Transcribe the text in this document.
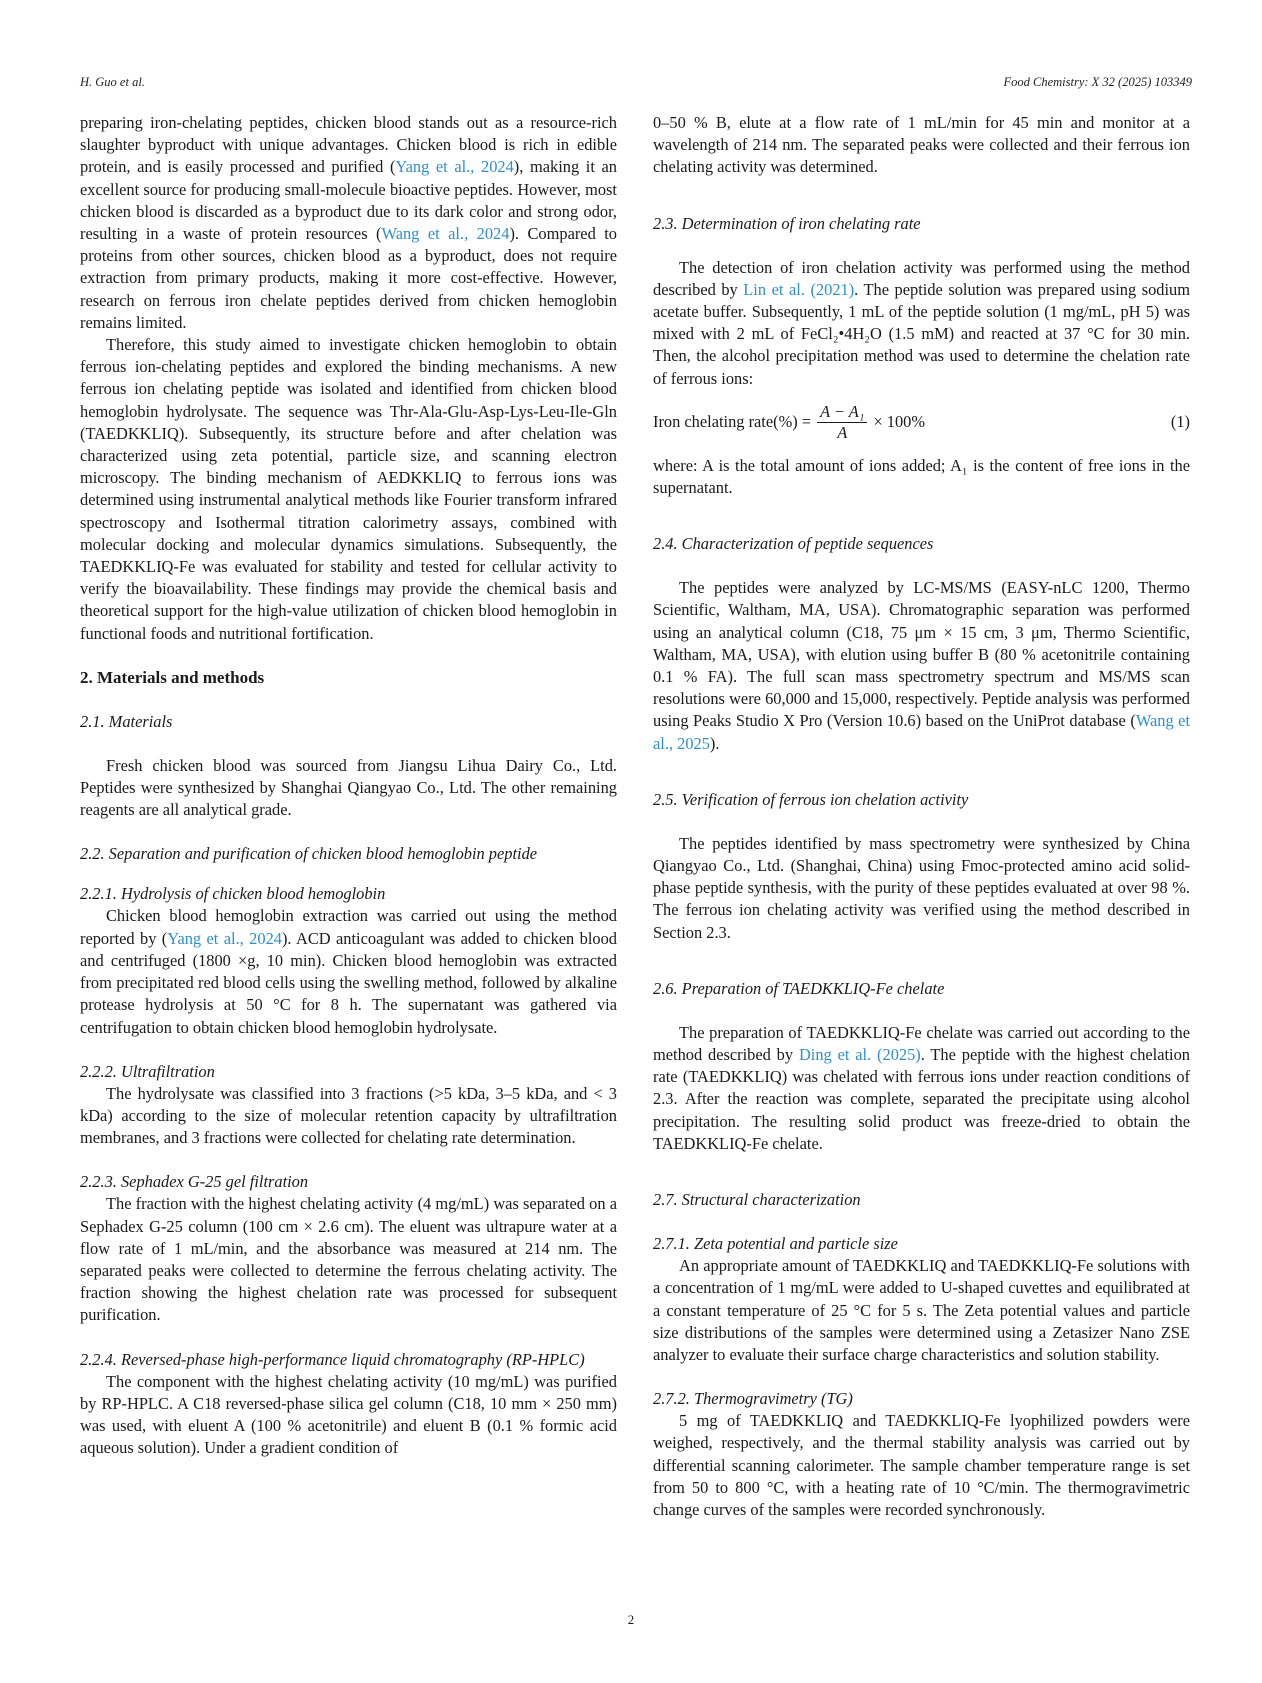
H. Guo et al.	Food Chemistry: X 32 (2025) 103349

preparing iron-chelating peptides, chicken blood stands out as a resource-rich slaughter byproduct with unique advantages. Chicken blood is rich in edible protein, and is easily processed and purified (Yang et al., 2024), making it an excellent source for producing small-molecule bioactive peptides. However, most chicken blood is discarded as a byproduct due to its dark color and strong odor, resulting in a waste of protein resources (Wang et al., 2024). Compared to proteins from other sources, chicken blood as a byproduct, does not require extraction from primary products, making it more cost-effective. However, research on ferrous iron chelate peptides derived from chicken hemoglobin remains limited.

Therefore, this study aimed to investigate chicken hemoglobin to obtain ferrous ion-chelating peptides and explored the binding mechanisms. A new ferrous ion chelating peptide was isolated and identified from chicken blood hemoglobin hydrolysate. The sequence was Thr-Ala-Glu-Asp-Lys-Leu-Ile-Gln (TAEDKKLIQ). Subsequently, its structure before and after chelation was characterized using zeta potential, particle size, and scanning electron microscopy. The binding mechanism of AEDKKLIQ to ferrous ions was determined using instrumental analytical methods like Fourier transform infrared spectroscopy and Isothermal titration calorimetry assays, combined with molecular docking and molecular dynamics simulations. Subsequently, the TAEDKKLIQ-Fe was evaluated for stability and tested for cellular activity to verify the bioavailability. These findings may provide the chemical basis and theoretical support for the high-value utilization of chicken blood hemoglobin in functional foods and nutritional fortification.

2. Materials and methods
2.1. Materials

Fresh chicken blood was sourced from Jiangsu Lihua Dairy Co., Ltd. Peptides were synthesized by Shanghai Qiangyao Co., Ltd. The other remaining reagents are all analytical grade.

2.2. Separation and purification of chicken blood hemoglobin peptide
2.2.1. Hydrolysis of chicken blood hemoglobin

Chicken blood hemoglobin extraction was carried out using the method reported by (Yang et al., 2024). ACD anticoagulant was added to chicken blood and centrifuged (1800 ×g, 10 min). Chicken blood hemoglobin was extracted from precipitated red blood cells using the swelling method, followed by alkaline protease hydrolysis at 50 °C for 8 h. The supernatant was gathered via centrifugation to obtain chicken blood hemoglobin hydrolysate.

2.2.2. Ultrafiltration

The hydrolysate was classified into 3 fractions (>5 kDa, 3–5 kDa, and < 3 kDa) according to the size of molecular retention capacity by ultrafiltration membranes, and 3 fractions were collected for chelating rate determination.

2.2.3. Sephadex G-25 gel filtration

The fraction with the highest chelating activity (4 mg/mL) was separated on a Sephadex G-25 column (100 cm × 2.6 cm). The eluent was ultrapure water at a flow rate of 1 mL/min, and the absorbance was measured at 214 nm. The separated peaks were collected to determine the ferrous chelating activity. The fraction showing the highest chelation rate was processed for subsequent purification.

2.2.4. Reversed-phase high-performance liquid chromatography (RP-HPLC)

The component with the highest chelating activity (10 mg/mL) was purified by RP-HPLC. A C18 reversed-phase silica gel column (C18, 10 mm × 250 mm) was used, with eluent A (100 % acetonitrile) and eluent B (0.1 % formic acid aqueous solution). Under a gradient condition of

0–50 % B, elute at a flow rate of 1 mL/min for 45 min and monitor at a wavelength of 214 nm. The separated peaks were collected and their ferrous ion chelating activity was determined.

2.3. Determination of iron chelating rate

The detection of iron chelation activity was performed using the method described by Lin et al. (2021). The peptide solution was prepared using sodium acetate buffer. Subsequently, 1 mL of the peptide solution (1 mg/mL, pH 5) was mixed with 2 mL of FeCl₂•4H₂O (1.5 mM) and reacted at 37 °C for 30 min. Then, the alcohol precipitation method was used to determine the chelation rate of ferrous ions:

Iron chelating rate(%) = $\frac{\text{A − A₁}}{A} \times 100\%$	(1)

where: A is the total amount of ions added; A₁ is the content of free ions in the supernatant.

2.4. Characterization of peptide sequences

The peptides were analyzed by LC-MS/MS (EASY-nLC 1200, Thermo Scientific, Waltham, MA, USA). Chromatographic separation was performed using an analytical column (C18, 75 μm × 15 cm, 3 μm, Thermo Scientific, Waltham, MA, USA), with elution using buffer B (80 % acetonitrile containing 0.1 % FA). The full scan mass spectrometry spectrum and MS/MS scan resolutions were 60,000 and 15,000, respectively. Peptide analysis was performed using Peaks Studio X Pro (Version 10.6) based on the UniProt database (Wang et al., 2025).

2.5. Verification of ferrous ion chelation activity

The peptides identified by mass spectrometry were synthesized by China Qiangyao Co., Ltd. (Shanghai, China) using Fmoc-protected amino acid solid-phase peptide synthesis, with the purity of these peptides evaluated at over 98 %. The ferrous ion chelating activity was verified using the method described in Section 2.3.

2.6. Preparation of TAEDKKLIQ-Fe chelate

The preparation of TAEDKKLIQ-Fe chelate was carried out according to the method described by Ding et al. (2025). The peptide with the highest chelation rate (TAEDKKLIQ) was chelated with ferrous ions under reaction conditions of 2.3. After the reaction was complete, separated the precipitate using alcohol precipitation. The resulting solid product was freeze-dried to obtain the TAEDKKLIQ-Fe chelate.

2.7. Structural characterization
2.7.1. Zeta potential and particle size

An appropriate amount of TAEDKKLIQ and TAEDKKLIQ-Fe solutions with a concentration of 1 mg/mL were added to U-shaped cuvettes and equilibrated at a constant temperature of 25 °C for 5 s. The Zeta potential values and particle size distributions of the samples were determined using a Zetasizer Nano ZSE analyzer to evaluate their surface charge characteristics and solution stability.

2.7.2. Thermogravimetry (TG)

5 mg of TAEDKKLIQ and TAEDKKLIQ-Fe lyophilized powders were weighed, respectively, and the thermal stability analysis was carried out by differential scanning calorimeter. The sample chamber temperature range is set from 50 to 800 °C, with a heating rate of 10 °C/min. The thermogravimetric change curves of the samples were recorded synchronously.

2
